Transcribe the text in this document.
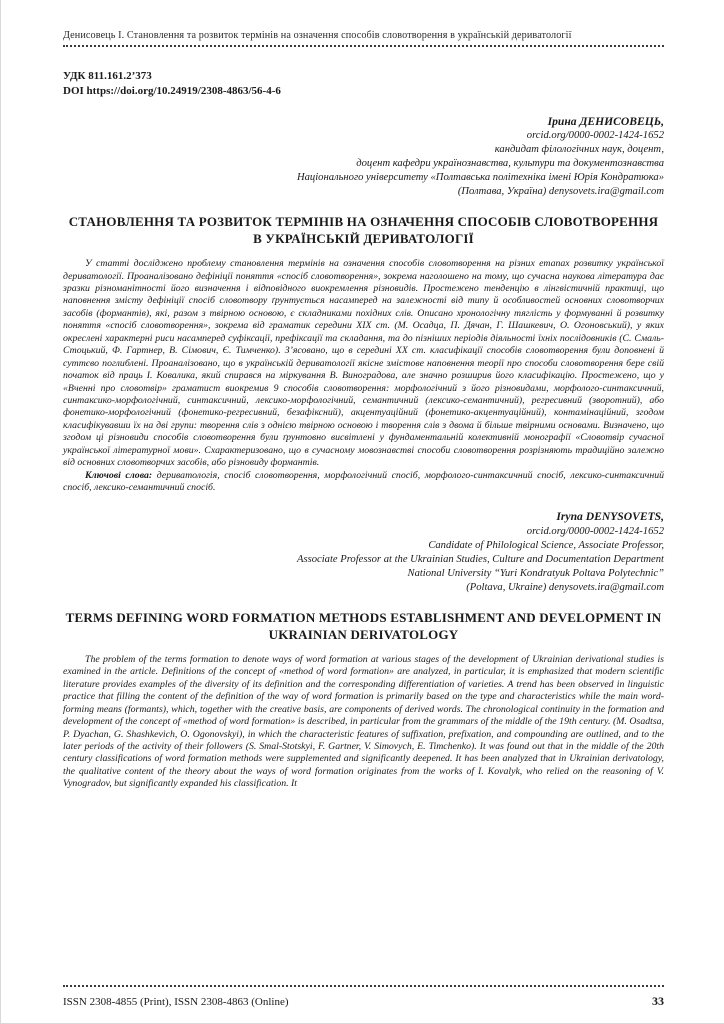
Денисовець І. Становлення та розвиток термінів на означення способів словотворення в українській дериватології
УДК 811.161.2’373
DOI https://doi.org/10.24919/2308-4863/56-4-6
Ірина ДЕНИСОВЕЦЬ,
orcid.org/0000-0002-1424-1652
кандидат філологічних наук, доцент,
доцент кафедри українознавства, культури та документознавства
Національного університету «Полтавська політехніка імені Юрія Кондратюка»
(Полтава, Україна) denysovets.ira@gmail.com
СТАНОВЛЕННЯ ТА РОЗВИТОК ТЕРМІНІВ НА ОЗНАЧЕННЯ СПОСОБІВ СЛОВОТВОРЕННЯ В УКРАЇНСЬКІЙ ДЕРИВАТОЛОГІЇ

У статті досліджено проблему становлення термінів на означення способів словотворення на різних етапах розвитку української дериватології. Проаналізовано дефініції поняття «спосіб словотворення», зокрема наголошено на тому, що сучасна наукова література дає зразки різноманітності його визначення і відповідного виокремлення різновидів. Простежено тенденцію в лінгвістичній практиці, що наповнення змісту дефініції спосіб словотвору ґрунтується насамперед на залежності від типу й особливостей основних словотворчих засобів (формантів), які, разом з твірною основою, є складниками похідних слів. Описано хронологічну тяглість у формуванні й розвитку поняття «спосіб словотворення», зокрема від граматик середини XIX ст. (М. Осадца, П. Дячан, Г. Шашкевич, О. Огоновський), у яких окреслені характерні риси насамперед суфіксації, префіксації та складання, та до пізніших періодів діяльності їхніх послідовників (С. Смаль-Стоцький, Ф. Гартнер, В. Сімович, Є. Тимченко). З’ясовано, що в середині XX ст. класифікації способів словотворення були доповнені й суттєво поглиблені. Проаналізовано, що в українській дериватології якісне змістове наповнення теорії про способи словотворення бере свій початок від праць І. Ковалика, який спирався на міркування В. Виноградова, але значно розширив його класифікацію. Простежено, що у «Вченні про словотвір» граматист виокремив 9 способів словотворення: морфологічний з його різновидами, морфолого-синтаксичний, синтаксико-морфологічний, синтаксичний, лексико-морфологічний, семантичний (лексико-семантичний), регресивний (зворотний), або фонетико-морфологічний (фонетико-регресивний, безафіксний), акцентуаційний (фонетико-акцентуаційний), контамінаційний, згодом класифікувавши їх на дві групи: творення слів з однією твірною основою і творення слів з двома й більше твірними основами. Визначено, що згодом ці різновиди способів словотворення були ґрунтовно висвітлені у фундаментальній колективній монографії «Словотвір сучасної української літературної мови». Схарактеризовано, що в сучасному мовознавстві способи словотворення розрізняють традиційно залежно від основних словотворчих засобів, або різновиду формантів.

Ключові слова: дериватологія, спосіб словотворення, морфологічний спосіб, морфолого-синтаксичний спосіб, лексико-синтаксичний спосіб, лексико-семантичний спосіб.

Iryna DENYSOVETS,
orcid.org/0000-0002-1424-1652
Candidate of Philological Science, Associate Professor,
Associate Professor at the Ukrainian Studies, Culture and Documentation Department
National University “Yuri Kondratyuk Poltava Polytechnic”
(Poltava, Ukraine) denysovets.ira@gmail.com
TERMS DEFINING WORD FORMATION METHODS ESTABLISHMENT AND DEVELOPMENT IN UKRAINIAN DERIVATOLOGY

The problem of the terms formation to denote ways of word formation at various stages of the development of Ukrainian derivational studies is examined in the article. Definitions of the concept of «method of word formation» are analyzed, in particular, it is emphasized that modern scientific literature provides examples of the diversity of its definition and the corresponding differentiation of varieties. A trend has been observed in linguistic practice that filling the content of the definition of the way of word formation is primarily based on the type and characteristics while the main word-forming means (formants), which, together with the creative basis, are components of derived words. The chronological continuity in the formation and development of the concept of «method of word formation» is described, in particular from the grammars of the middle of the 19th century. (M. Osadtsa, P. Dyachan, G. Shashkevich, O. Ogonovskyi), in which the characteristic features of suffixation, prefixation, and compounding are outlined, and to the later periods of the activity of their followers (S. Smal-Stotskyi, F. Gartner, V. Simovych, E. Timchenko). It was found out that in the middle of the 20th century classifications of word formation methods were supplemented and significantly deepened. It has been analyzed that in Ukrainian derivatology, the qualitative content of the theory about the ways of word formation originates from the works of I. Kovalyk, who relied on the reasoning of V. Vynogradov, but significantly expanded his classification. It

ISSN 2308-4855 (Print), ISSN 2308-4863 (Online)	33
